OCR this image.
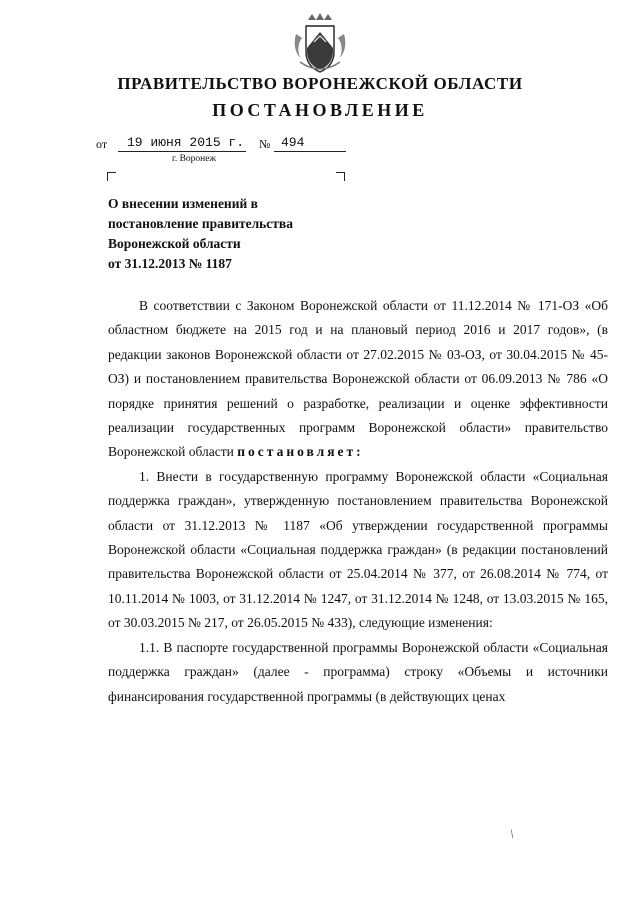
ПРАВИТЕЛЬСТВО ВОРОНЕЖСКОЙ ОБЛАСТИ
ПОСТАНОВЛЕНИЕ
от 19 июня 2015 г. № 494
г. Воронеж
О внесении изменений в
постановление правительства
Воронежской области
от 31.12.2013 № 1187

В соответствии с Законом Воронежской области от 11.12.2014 № 171-ОЗ «Об областном бюджете на 2015 год и на плановый период 2016 и 2017 годов», (в редакции законов Воронежской области от 27.02.2015 № 03-ОЗ, от 30.04.2015 № 45-ОЗ) и постановлением правительства Воронежской области от 06.09.2013 № 786 «О порядке принятия решений о разработке, реализации и оценке эффективности реализации государственных программ Воронежской области» правительство Воронежской области постановляет:

1. Внести в государственную программу Воронежской области «Социальная поддержка граждан», утвержденную постановлением правительства Воронежской области от 31.12.2013 № 1187 «Об утверждении государственной программы Воронежской области «Социальная поддержка граждан» (в редакции постановлений правительства Воронежской области от 25.04.2014 № 377, от 26.08.2014 № 774, от 10.11.2014 № 1003, от 31.12.2014 № 1247, от 31.12.2014 № 1248, от 13.03.2015 № 165, от 30.03.2015 № 217, от 26.05.2015 № 433), следующие изменения:

1.1. В паспорте государственной программы Воронежской области «Социальная поддержка граждан» (далее - программа) строку «Объемы и источники финансирования государственной программы (в действующих ценах

\
